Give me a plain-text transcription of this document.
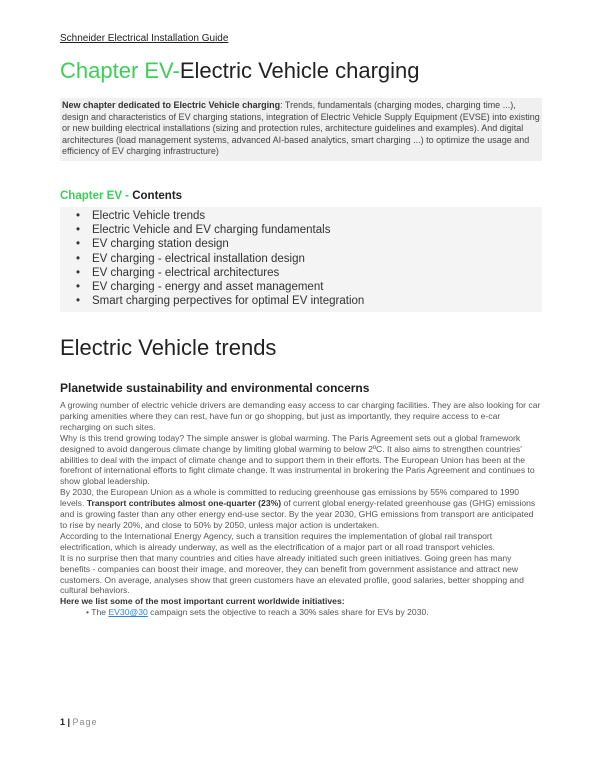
Schneider Electrical Installation Guide
Chapter EV-Electric Vehicle charging
New chapter dedicated to Electric Vehicle charging: Trends, fundamentals (charging modes, charging time ...), design and characteristics of EV charging stations, integration of Electric Vehicle Supply Equipment (EVSE) into existing or new building electrical installations (sizing and protection rules, architecture guidelines and examples). And digital architectures (load management systems, advanced AI-based analytics, smart charging ...) to optimize the usage and efficiency of EV charging infrastructure)
Chapter EV - Contents
• Electric Vehicle trends
• Electric Vehicle and EV charging fundamentals
• EV charging station design
• EV charging - electrical installation design
• EV charging - electrical architectures
• EV charging - energy and asset management
• Smart charging perpectives for optimal EV integration
Electric Vehicle trends
Planetwide sustainability and environmental concerns

A growing number of electric vehicle drivers are demanding easy access to car charging facilities. They are also looking for car parking amenities where they can rest, have fun or go shopping, but just as importantly, they require access to e-car recharging on such sites.

Why is this trend growing today? The simple answer is global warming. The Paris Agreement sets out a global framework designed to avoid dangerous climate change by limiting global warming to below 2ºC. It also aims to strengthen countries' abilities to deal with the impact of climate change and to support them in their efforts. The European Union has been at the forefront of international efforts to fight climate change. It was instrumental in brokering the Paris Agreement and continues to show global leadership.

By 2030, the European Union as a whole is committed to reducing greenhouse gas emissions by 55% compared to 1990 levels. Transport contributes almost one-quarter (23%) of current global energy-related greenhouse gas (GHG) emissions and is growing faster than any other energy end-use sector. By the year 2030, GHG emissions from transport are anticipated to rise by nearly 20%, and close to 50% by 2050, unless major action is undertaken.

According to the International Energy Agency, such a transition requires the implementation of global rail transport electrification, which is already underway, as well as the electrification of a major part or all road transport vehicles.

It is no surprise then that many countries and cities have already initiated such green initiatives. Going green has many benefits - companies can boost their image, and moreover, they can benefit from government assistance and attract new customers. On average, analyses show that green customers have an elevated profile, good salaries, better shopping and cultural behaviors.

Here we list some of the most important current worldwide initiatives:

• The EV30@30 campaign sets the objective to reach a 30% sales share for EVs by 2030.
1 | Page
